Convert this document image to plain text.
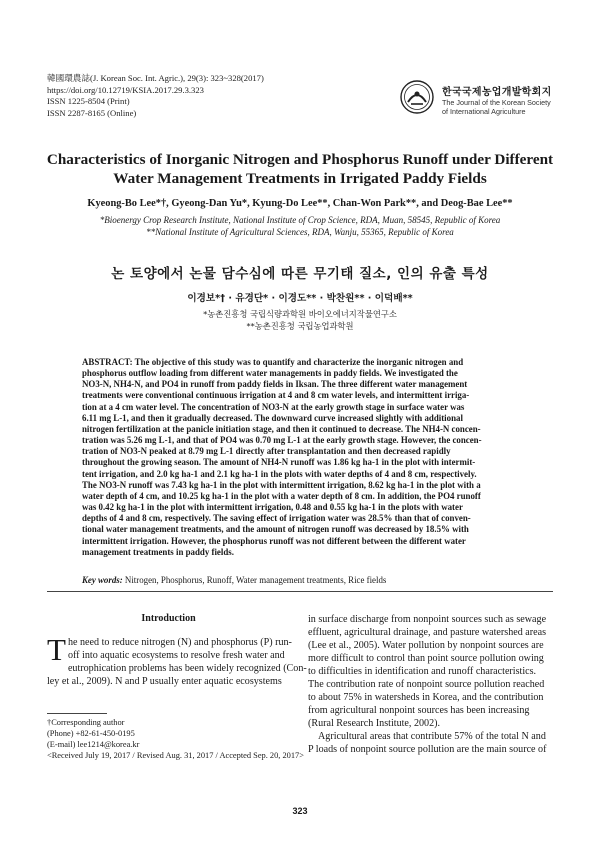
韓國環農誌(J. Korean Soc. Int. Agric.), 29(3): 323~328(2017)
https://doi.org/10.12719/KSIA.2017.29.3.323
ISSN 1225-8504 (Print)
ISSN 2287-8165 (Online)
한국국제농업개발학회지
The Journal of the Korean Society
of International Agriculture
Characteristics of Inorganic Nitrogen and Phosphorus Runoff under Different
Water Management Treatments in Irrigated Paddy Fields
Kyeong-Bo Lee*†, Gyeong-Dan Yu*, Kyung-Do Lee**, Chan-Won Park**, and Deog-Bae Lee**
*Bioenergy Crop Research Institute, National Institute of Crop Science, RDA, Muan, 58545, Republic of Korea
**National Institute of Agricultural Sciences, RDA, Wanju, 55365, Republic of Korea
논 토양에서 논물 담수심에 따른 무기태 질소, 인의 유출 특성
이경보*† · 유경단* · 이경도** · 박찬원** · 이덕배**
*농촌진흥청 국립식량과학원 바이오에너지작물연구소
**농촌진흥청 국립농업과학원
ABSTRACT: The objective of this study was to quantify and characterize the inorganic nitrogen and
phosphorus outflow loading from different water managements in paddy fields. We investigated the
NO3-N, NH4-N, and PO4 in runoff from paddy fields in Iksan. The three different water management
treatments were conventional continuous irrigation at 4 and 8 cm water levels, and intermittent irriga-
tion at a 4 cm water level. The concentration of NO3-N at the early growth stage in surface water was
6.11 mg L-1, and then it gradually decreased. The downward curve increased slightly with additional
nitrogen fertilization at the panicle initiation stage, and then it continued to decrease. The NH4-N concen-
tration was 5.26 mg L-1, and that of PO4 was 0.70 mg L-1 at the early growth stage. However, the concen-
tration of NO3-N peaked at 8.79 mg L-1 directly after transplantation and then decreased rapidly
throughout the growing season. The amount of NH4-N runoff was 1.86 kg ha-1 in the plot with intermit-
tent irrigation, and 2.0 kg ha-1 and 2.1 kg ha-1 in the plots with water depths of 4 and 8 cm, respectively.
The NO3-N runoff was 7.43 kg ha-1 in the plot with intermittent irrigation, 8.62 kg ha-1 in the plot with a
water depth of 4 cm, and 10.25 kg ha-1 in the plot with a water depth of 8 cm. In addition, the PO4 runoff
was 0.42 kg ha-1 in the plot with intermittent irrigation, 0.48 and 0.55 kg ha-1 in the plots with water
depths of 4 and 8 cm, respectively. The saving effect of irrigation water was 28.5% than that of conven-
tional water management treatments, and the amount of nitrogen runoff was decreased by 18.5% with
intermittent irrigation. However, the phosphorus runoff was not different between the different water
management treatments in paddy fields.
Key words: Nitrogen, Phosphorus, Runoff, Water management treatments, Rice fields
Introduction
T he need to reduce nitrogen (N) and phosphorus (P) run-
off into aquatic ecosystems to resolve fresh water and
eutrophication problems has been widely recognized (Con-
ley et al., 2009). N and P usually enter aquatic ecosystems
†Corresponding author
(Phone) +82-61-450-0195
(E-mail) lee1214@korea.kr
<Received July 19, 2017 / Revised Aug. 31, 2017 / Accepted Sep. 20, 2017>
in surface discharge from nonpoint sources such as sewage
effluent, agricultural drainage, and pasture watershed areas
(Lee et al., 2005). Water pollution by nonpoint sources are
more difficult to control than point source pollution owing
to difficulties in identification and runoff characteristics.
The contribution rate of nonpoint source pollution reached
to about 75% in watersheds in Korea, and the contribution
from agricultural nonpoint sources has been increasing
(Rural Research Institute, 2002).
Agricultural areas that contribute 57% of the total N and
P loads of nonpoint source pollution are the main source of
323
